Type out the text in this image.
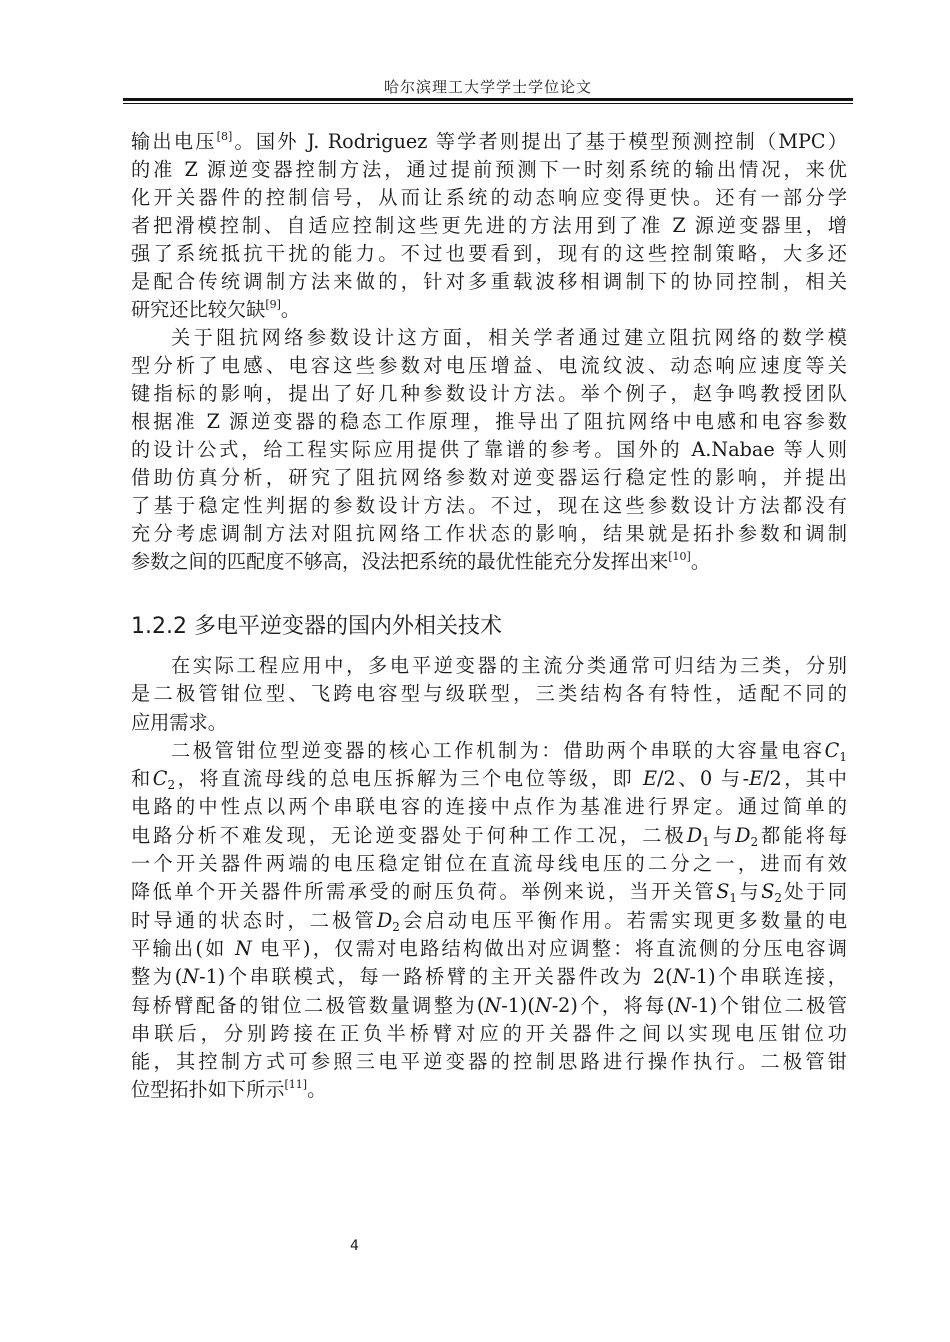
哈尔滨理工大学学士学位论文
输出电压[8]。国外 J. Rodriguez 等学者则提出了基于模型预测控制（MPC）
的准 Z 源逆变器控制方法，通过提前预测下一时刻系统的输出情况，来优
化开关器件的控制信号，从而让系统的动态响应变得更快。还有一部分学
者把滑模控制、自适应控制这些更先进的方法用到了准 Z 源逆变器里，增
强了系统抵抗干扰的能力。不过也要看到，现有的这些控制策略，大多还
是配合传统调制方法来做的，针对多重载波移相调制下的协同控制，相关
研究还比较欠缺[9]。
关于阻抗网络参数设计这方面，相关学者通过建立阻抗网络的数学模
型分析了电感、电容这些参数对电压增益、电流纹波、动态响应速度等关
键指标的影响，提出了好几种参数设计方法。举个例子，赵争鸣教授团队
根据准 Z 源逆变器的稳态工作原理，推导出了阻抗网络中电感和电容参数
的设计公式，给工程实际应用提供了靠谱的参考。国外的 A.Nabae 等人则
借助仿真分析，研究了阻抗网络参数对逆变器运行稳定性的影响，并提出
了基于稳定性判据的参数设计方法。不过，现在这些参数设计方法都没有
充分考虑调制方法对阻抗网络工作状态的影响，结果就是拓扑参数和调制
参数之间的匹配度不够高，没法把系统的最优性能充分发挥出来[10]。
1.2.2 多电平逆变器的国内外相关技术
在实际工程应用中，多电平逆变器的主流分类通常可归结为三类，分别
是二极管钳位型、飞跨电容型与级联型，三类结构各有特性，适配不同的
应用需求。
二极管钳位型逆变器的核心工作机制为：借助两个串联的大容量电容$C_1$
和$C_2$，将直流母线的总电压拆解为三个电位等级，即 E/2、0 与-E/2，其中
电路的中性点以两个串联电容的连接中点作为基准进行界定。通过简单的
电路分析不难发现，无论逆变器处于何种工作工况，二极$D_1$与$D_2$都能将每
一个开关器件两端的电压稳定钳位在直流母线电压的二分之一，进而有效
降低单个开关器件所需承受的耐压负荷。举例来说，当开关管$S_1$与$S_2$处于同
时导通的状态时，二极管$D_2$会启动电压平衡作用。若需实现更多数量的电
平输出(如 N 电平)，仅需对电路结构做出对应调整：将直流侧的分压电容调
整为(N-1)个串联模式，每一路桥臂的主开关器件改为 2(N-1)个串联连接，
每桥臂配备的钳位二极管数量调整为(N-1)(N-2)个，将每(N-1)个钳位二极管
串联后，分别跨接在正负半桥臂对应的开关器件之间以实现电压钳位功
能，其控制方式可参照三电平逆变器的控制思路进行操作执行。二极管钳
位型拓扑如下所示[11]。
4
